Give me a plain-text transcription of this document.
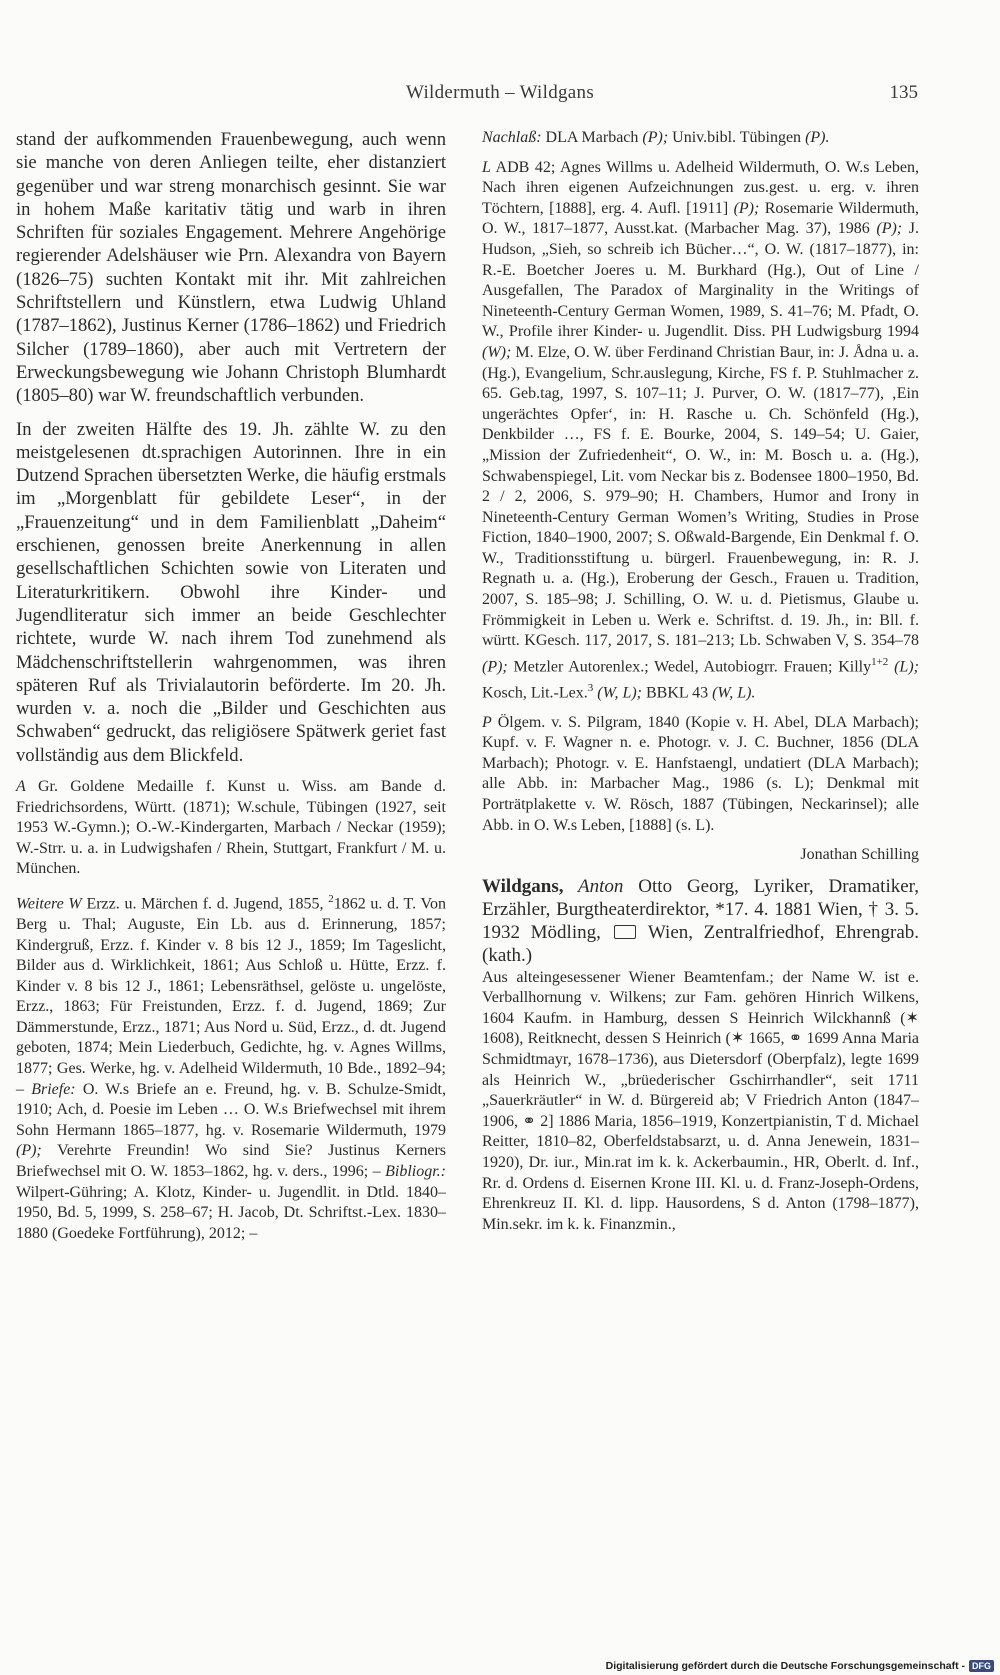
Wildermuth – Wildgans	135

stand der aufkommenden Frauenbewegung, auch wenn sie manche von deren Anliegen teilte, eher distanziert gegenüber und war streng monarchisch gesinnt. Sie war in hohem Maße karitativ tätig und warb in ihren Schriften für soziales Engagement. Mehrere Angehörige regierender Adelshäuser wie Prn. Alexandra von Bayern (1826–75) suchten Kontakt mit ihr. Mit zahlreichen Schriftstellern und Künstlern, etwa Ludwig Uhland (1787–1862), Justinus Kerner (1786–1862) und Friedrich Silcher (1789–1860), aber auch mit Vertretern der Erweckungsbewegung wie Johann Christoph Blumhardt (1805–80) war W. freundschaftlich verbunden.

In der zweiten Hälfte des 19. Jh. zählte W. zu den meistgelesenen dt.sprachigen Autorinnen. Ihre in ein Dutzend Sprachen übersetzten Werke, die häufig erstmals im „Morgenblatt für gebildete Leser“, in der „Frauenzeitung“ und in dem Familienblatt „Daheim“ erschienen, genossen breite Anerkennung in allen gesellschaftlichen Schichten sowie von Literaten und Literaturkritikern. Obwohl ihre Kinder- und Jugendliteratur sich immer an beide Geschlechter richtete, wurde W. nach ihrem Tod zunehmend als Mädchenschriftstellerin wahrgenommen, was ihren späteren Ruf als Trivialautorin beförderte. Im 20. Jh. wurden v. a. noch die „Bilder und Geschichten aus Schwaben“ gedruckt, das religiösere Spätwerk geriet fast vollständig aus dem Blickfeld.

A Gr. Goldene Medaille f. Kunst u. Wiss. am Bande d. Friedrichsordens, Württ. (1871); W.schule, Tübingen (1927, seit 1953 W.-Gymn.); O.-W.-Kindergarten, Marbach / Neckar (1959); W.-Strr. u. a. in Ludwigshafen / Rhein, Stuttgart, Frankfurt / M. u. München.

Weitere W Erzz. u. Märchen f. d. Jugend, 1855, $^2$1862 u. d. T. Von Berg u. Thal; Auguste, Ein Lb. aus d. Erinnerung, 1857; Kindergruß, Erzz. f. Kinder v. 8 bis 12 J., 1859; Im Tageslicht, Bilder aus d. Wirklichkeit, 1861; Aus Schloß u. Hütte, Erzz. f. Kinder v. 8 bis 12 J., 1861; Lebensräthsel, gelöste u. ungelöste, Erzz., 1863; Für Freistunden, Erzz. f. d. Jugend, 1869; Zur Dämmerstunde, Erzz., 1871; Aus Nord u. Süd, Erzz., d. dt. Jugend geboten, 1874; Mein Liederbuch, Gedichte, hg. v. Agnes Willms, 1877; Ges. Werke, hg. v. Adelheid Wildermuth, 10 Bde., 1892–94; – Briefe: O. W.s Briefe an e. Freund, hg. v. B. Schulze-Smidt, 1910; Ach, d. Poesie im Leben … O. W.s Briefwechsel mit ihrem Sohn Hermann 1865–1877, hg. v. Rosemarie Wildermuth, 1979 (P); Verehrte Freundin! Wo sind Sie? Justinus Kerners Briefwechsel mit O. W. 1853–1862, hg. v. ders., 1996; – Bibliogr.: Wilpert-Gühring; A. Klotz, Kinder- u. Jugendlit. in Dtld. 1840–1950, Bd. 5, 1999, S. 258–67; H. Jacob, Dt. Schriftst.-Lex. 1830–1880 (Goedeke Fortführung), 2012; –

Nachlaß: DLA Marbach (P); Univ.bibl. Tübingen (P).

L ADB 42; Agnes Willms u. Adelheid Wildermuth, O. W.s Leben, Nach ihren eigenen Aufzeichnungen zus.gest. u. erg. v. ihren Töchtern, [1888], erg. 4. Aufl. [1911] (P); Rosemarie Wildermuth, O. W., 1817–1877, Ausst.kat. (Marbacher Mag. 37), 1986 (P); J. Hudson, „Sieh, so schreib ich Bücher…“, O. W. (1817–1877), in: R.-E. Boetcher Joeres u. M. Burkhard (Hg.), Out of Line / Ausgefallen, The Paradox of Marginality in the Writings of Nineteenth-Century German Women, 1989, S. 41–76; M. Pfadt, O. W., Profile ihrer Kinder- u. Jugendlit. Diss. PH Ludwigsburg 1994 (W); M. Elze, O. W. über Ferdinand Christian Baur, in: J. Ådna u. a. (Hg.), Evangelium, Schr.auslegung, Kirche, FS f. P. Stuhlmacher z. 65. Geb.tag, 1997, S. 107–11; J. Purver, O. W. (1817–77), ‚Ein ungerächtes Opfer‘, in: H. Rasche u. Ch. Schönfeld (Hg.), Denkbilder …, FS f. E. Bourke, 2004, S. 149–54; U. Gaier, „Mission der Zufriedenheit“, O. W., in: M. Bosch u. a. (Hg.), Schwabenspiegel, Lit. vom Neckar bis z. Bodensee 1800–1950, Bd. 2 / 2, 2006, S. 979–90; H. Chambers, Humor and Irony in Nineteenth-Century German Women’s Writing, Studies in Prose Fiction, 1840–1900, 2007; S. Oßwald-Bargende, Ein Denkmal f. O. W., Traditionsstiftung u. bürgerl. Frauenbewegung, in: R. J. Regnath u. a. (Hg.), Eroberung der Gesch., Frauen u. Tradition, 2007, S. 185–98; J. Schilling, O. W. u. d. Pietismus, Glaube u. Frömmigkeit in Leben u. Werk e. Schriftst. d. 19. Jh., in: Bll. f. württ. KGesch. 117, 2017, S. 181–213; Lb. Schwaben V, S. 354–78 (P); Metzler Autorenlex.; Wedel, Autobiogrr. Frauen; Killy$^{1+2}$ (L); Kosch, Lit.-Lex.$^3$ (W, L); BBKL 43 (W, L).

P Ölgem. v. S. Pilgram, 1840 (Kopie v. H. Abel, DLA Marbach); Kupf. v. F. Wagner n. e. Photogr. v. J. C. Buchner, 1856 (DLA Marbach); Photogr. v. E. Hanfstaengl, undatiert (DLA Marbach); alle Abb. in: Marbacher Mag., 1986 (s. L); Denkmal mit Porträtplakette v. W. Rösch, 1887 (Tübingen, Neckarinsel); alle Abb. in O. W.s Leben, [1888] (s. L).

Jonathan Schilling

Wildgans, Anton Otto Georg, Lyriker, Dramatiker, Erzähler, Burgtheaterdirektor, *17. 4. 1881 Wien, † 3. 5. 1932 Mödling,  Wien, Zentralfriedhof, Ehrengrab. (kath.)

Aus alteingesessener Wiener Beamtenfam.; der Name W. ist e. Verballhornung v. Wilkens; zur Fam. gehören Hinrich Wilkens, 1604 Kaufm. in Hamburg, dessen S Heinrich Wilckhannß (✶ 1608), Reitknecht, dessen S Heinrich (✶ 1665, ⚭ 1699 Anna Maria Schmidtmayr, 1678–1736), aus Dietersdorf (Oberpfalz), legte 1699 als Heinrich W., „brüederischer Gschirrhandler“, seit 1711 „Sauerkräutler“ in W. d. Bürgereid ab; V Friedrich Anton (1847–1906, ⚭ 2] 1886 Maria, 1856–1919, Konzertpianistin, T d. Michael Reitter, 1810–82, Oberfeldstabsarzt, u. d. Anna Jenewein, 1831–1920), Dr. iur., Min.rat im k. k. Ackerbaumin., HR, Oberlt. d. Inf., Rr. d. Ordens d. Eisernen Krone III. Kl. u. d. Franz-Joseph-Ordens, Ehrenkreuz II. Kl. d. lipp. Hausordens, S d. Anton (1798–1877), Min.sekr. im k. k. Finanzmin.,

Digitalisierung gefördert durch die Deutsche Forschungsgemeinschaft - DFG
